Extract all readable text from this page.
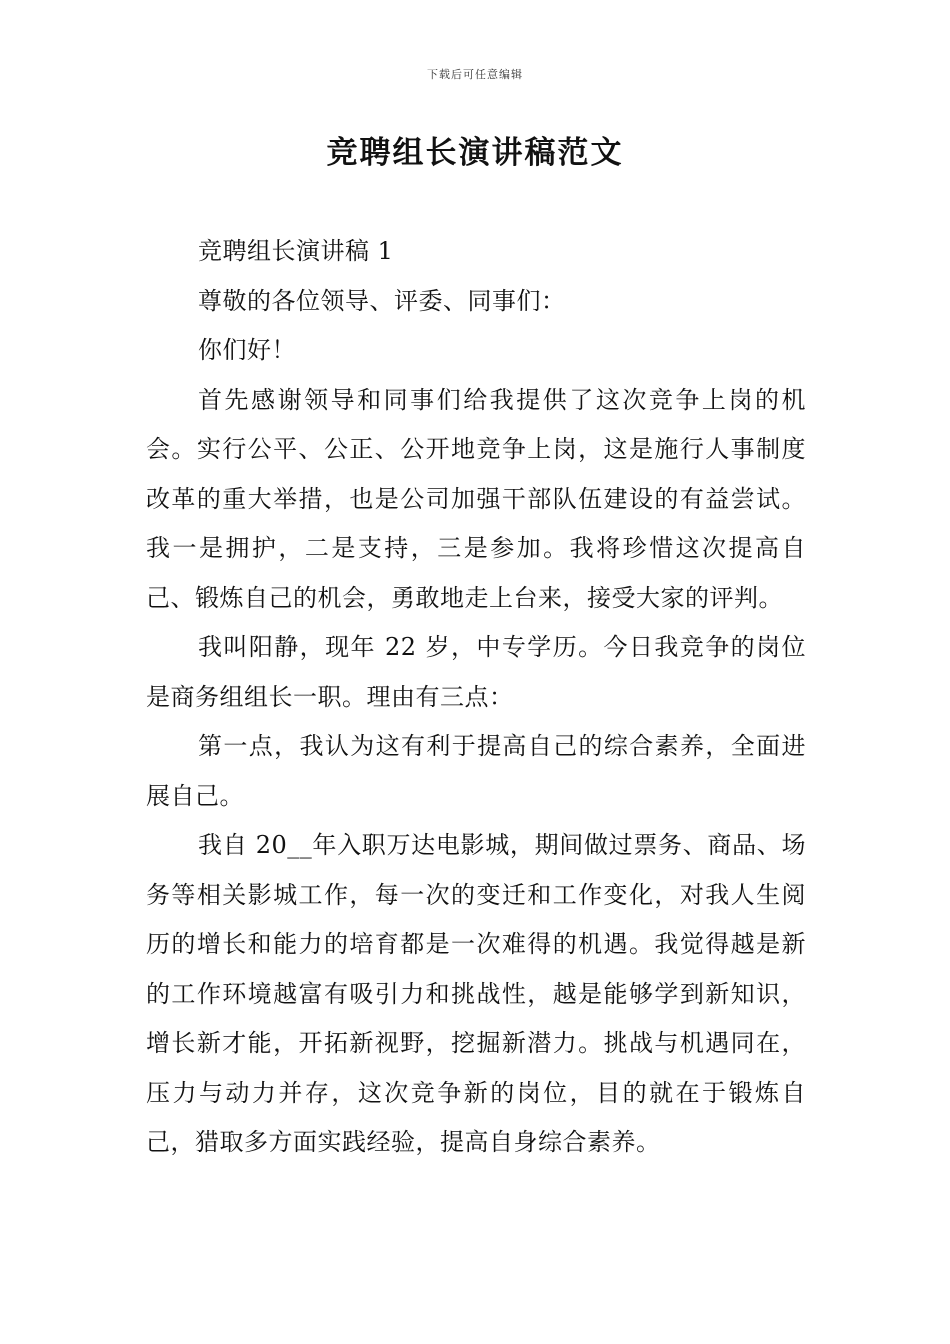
下载后可任意编辑
竞聘组长演讲稿范文

竞聘组长演讲稿 1

尊敬的各位领导、评委、同事们：

你们好！

首先感谢领导和同事们给我提供了这次竞争上岗的机会。实行公平、公正、公开地竞争上岗，这是施行人事制度改革的重大举措，也是公司加强干部队伍建设的有益尝试。我一是拥护，二是支持，三是参加。我将珍惜这次提高自己、锻炼自己的机会，勇敢地走上台来，接受大家的评判。

我叫阳静，现年 22 岁，中专学历。今日我竞争的岗位是商务组组长一职。理由有三点：

第一点，我认为这有利于提高自己的综合素养，全面进展自己。

我自 20__年入职万达电影城，期间做过票务、商品、场务等相关影城工作，每一次的变迁和工作变化，对我人生阅历的增长和能力的培育都是一次难得的机遇。我觉得越是新的工作环境越富有吸引力和挑战性，越是能够学到新知识，增长新才能，开拓新视野，挖掘新潜力。挑战与机遇同在，压力与动力并存，这次竞争新的岗位，目的就在于锻炼自己，猎取多方面实践经验，提高自身综合素养。
